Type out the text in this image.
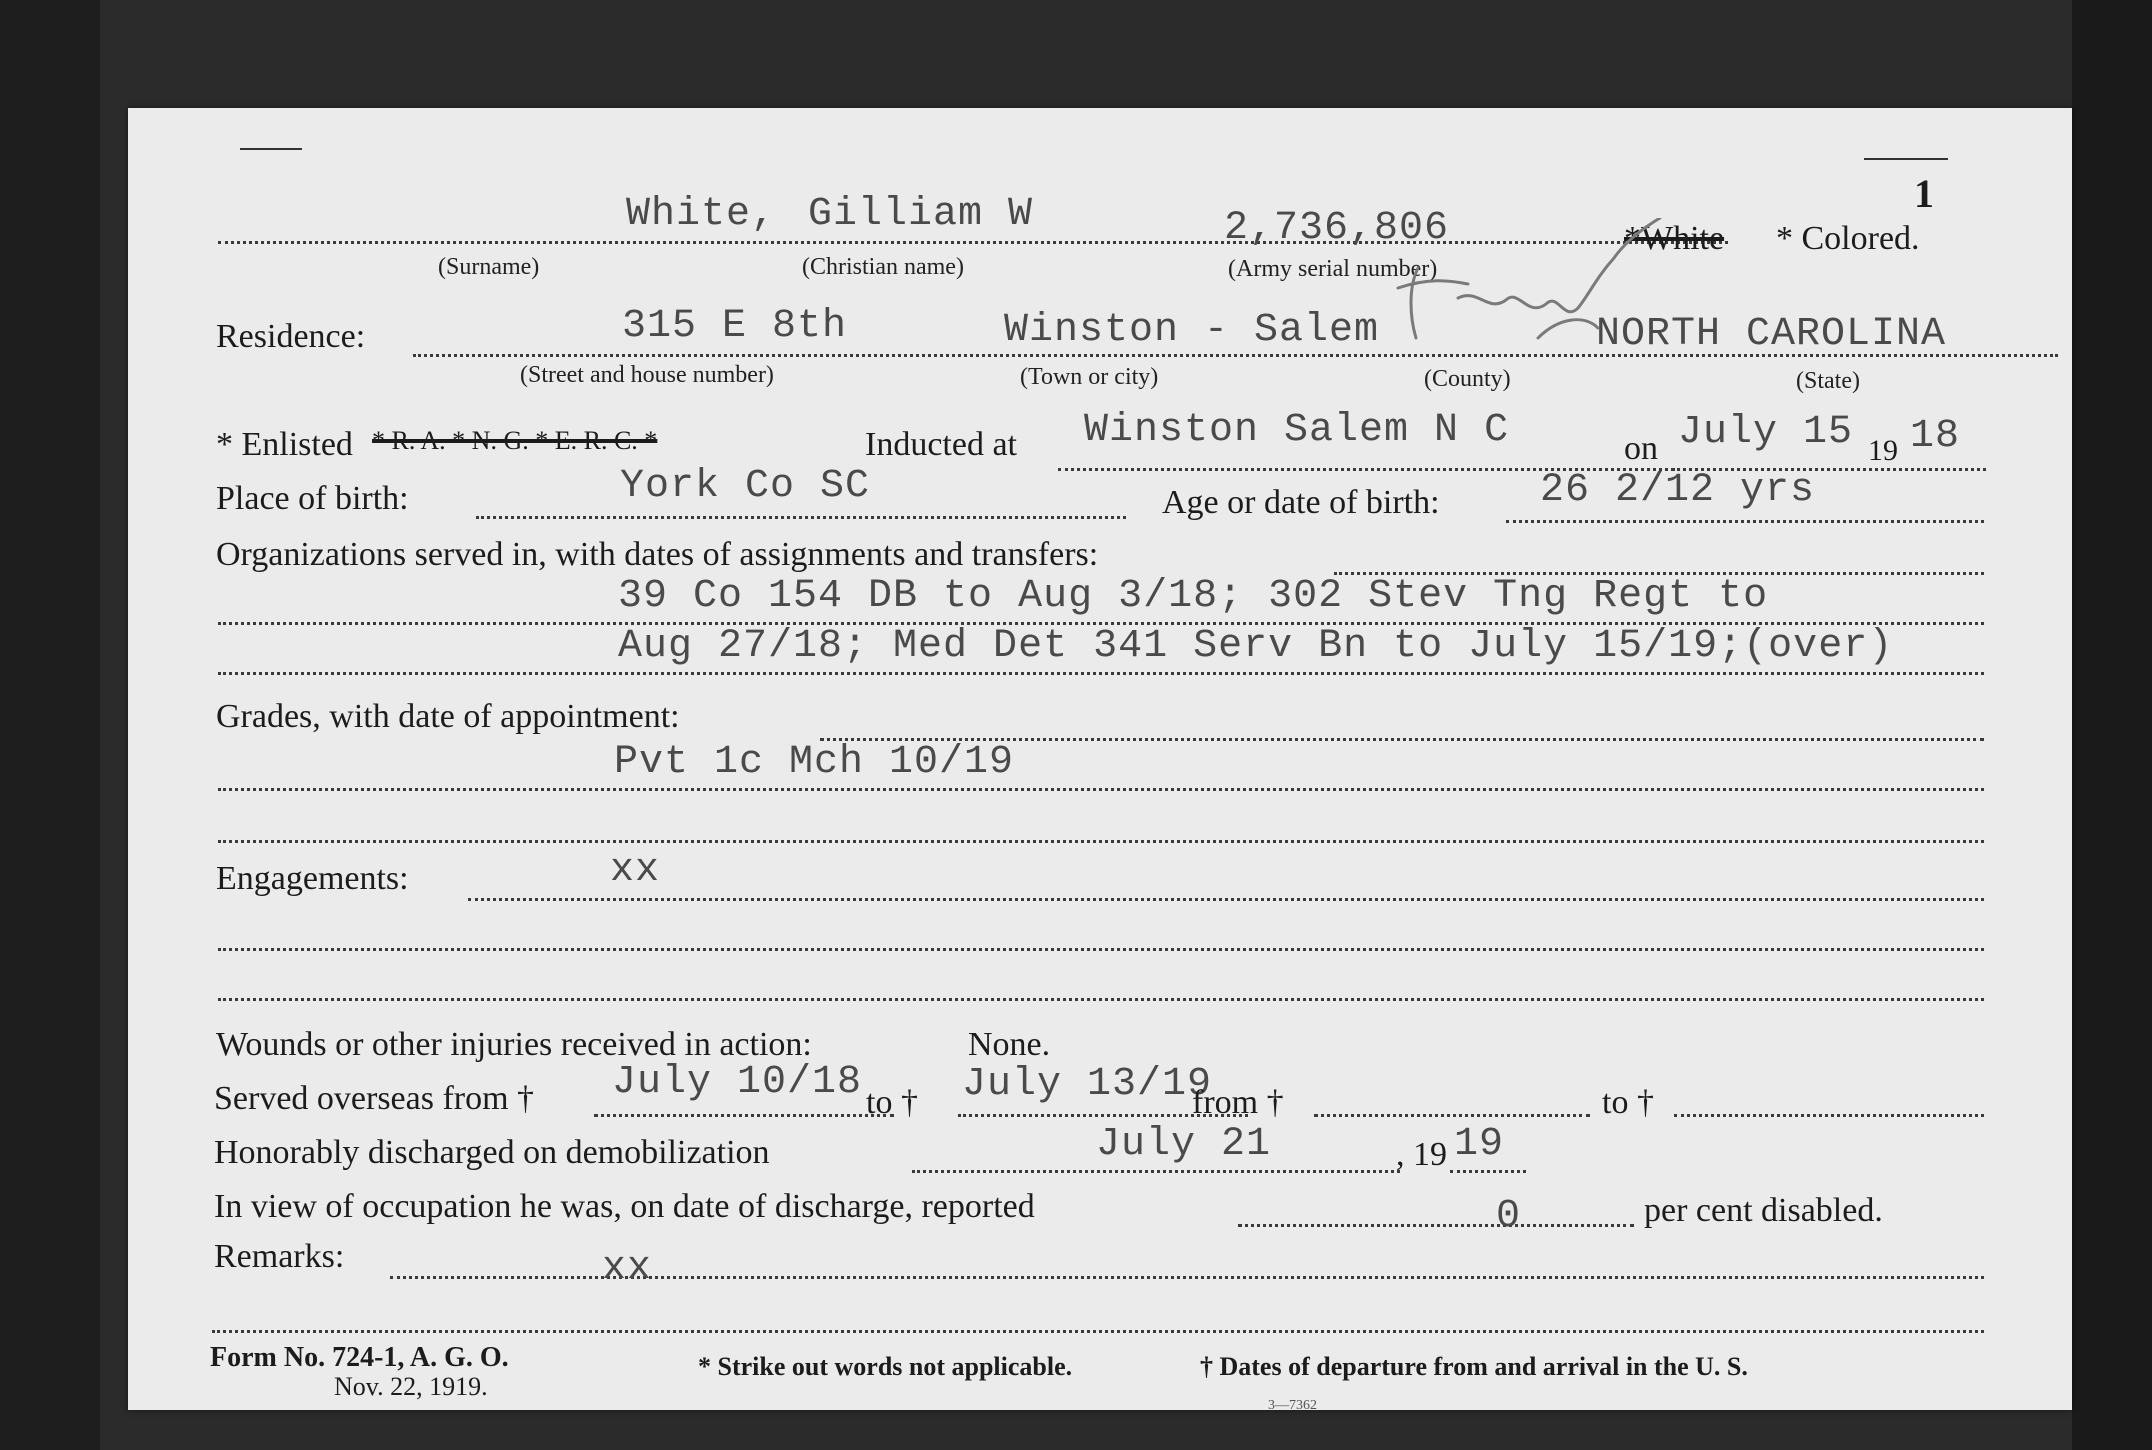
1
White, Gilliam W	2,736,806	*White * Colored.
(Surname)	(Christian name)	(Army serial number)
Residence:	315 E 8th	Winston - Salem	NORTH CAROLINA
(Street and house number)	(Town or city)	(County)	(State)
* Enlisted * R. A. * N. G. * E. R. C. *	Inducted at Winston Salem N C	on July 15 19 18
Place of birth:	York Co SC	Age or date of birth:	26 2/12 yrs
Organizations served in, with dates of assignments and transfers:
39 Co 154 DB to Aug 3/18; 302 Stev Tng Regt to
Aug 27/18; Med Det 341 Serv Bn to July 15/19;(over)
Grades, with date of appointment:
Pvt 1c Mch 10/19
Engagements:	xx
Wounds or other injuries received in action:	None.
Served overseas from † July 10/18 to † July 13/19
from †	to †
Honorably discharged on demobilization	July 21	, 19 19
In view of occupation he was, on date of discharge, reported	0	per cent disabled.
Remarks:	xx
Form No. 724-1, A. G. O.
Nov. 22, 1919.
* Strike out words not applicable.	† Dates of departure from and arrival in the U. S.
3—7362
